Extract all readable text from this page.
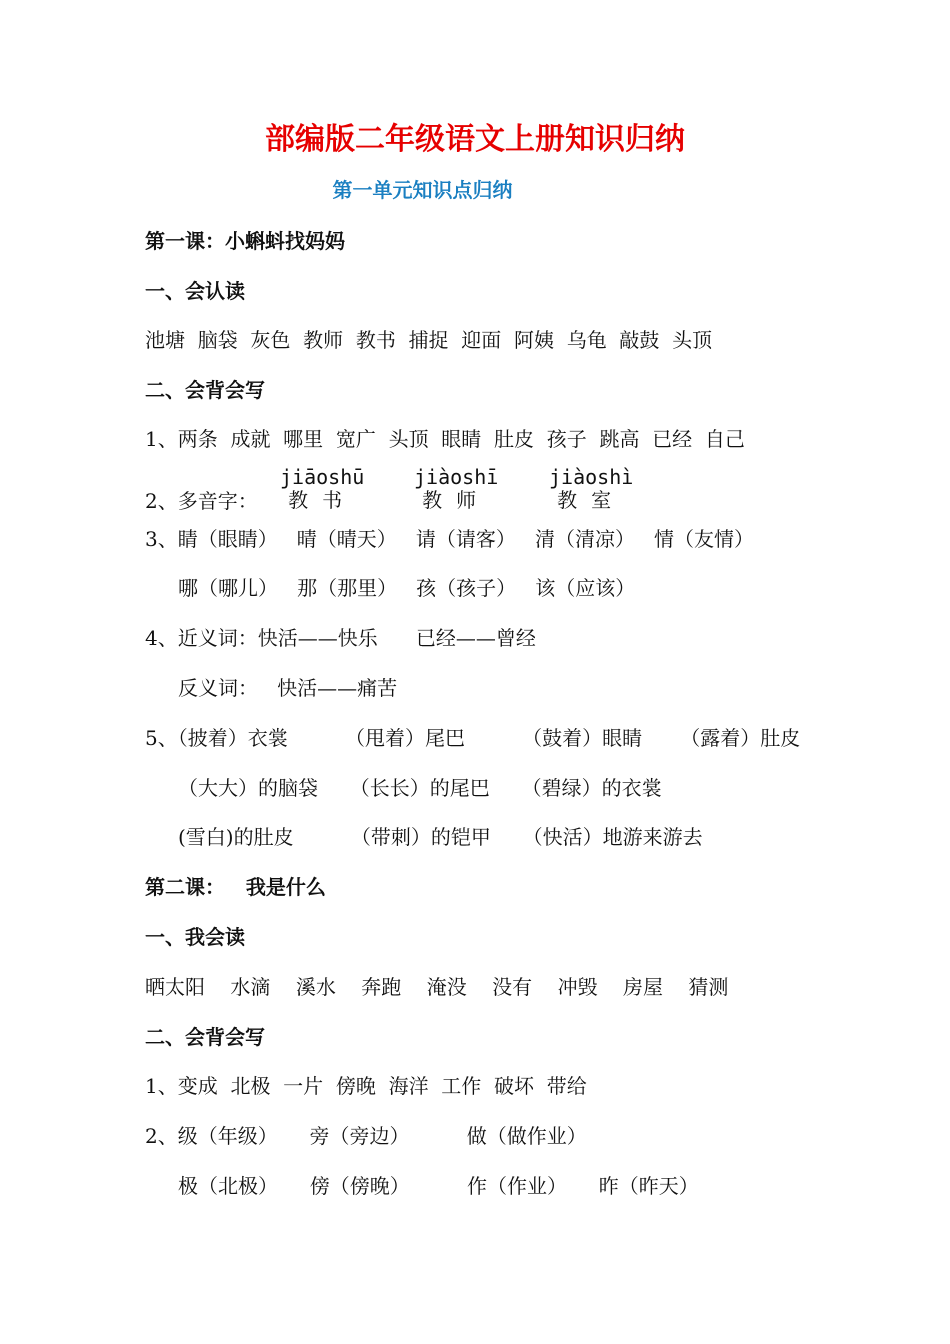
部编版二年级语文上册知识归纳
第一单元知识点归纳
第一课：小蝌蚪找妈妈
一、会认读
池塘  脑袋  灰色  教师  教书  捕捉  迎面  阿姨  乌龟  敲鼓  头顶
二、会背会写
1、两条  成就  哪里  宽广  头顶  眼睛  肚皮  孩子  跳高  已经  自己
2、多音字：
jiāoshū
教书
jiàoshī
教师
jiàoshì
教室
3、睛（眼睛）   晴（晴天）   请（请客）   清（清凉）   情（友情）
哪（哪儿）   那（那里）   孩（孩子）   该（应该）
4、近义词：快活——快乐      已经——曾经
反义词：   快活——痛苦
5、（披着）衣裳         （甩着）尾巴         （鼓着）眼睛      （露着）肚皮
（大大）的脑袋     （长长）的尾巴     （碧绿）的衣裳
(雪白)的肚皮         （带刺）的铠甲     （快活）地游来游去
第二课：   我是什么
一、我会读
晒太阳    水滴    溪水    奔跑    淹没    没有    冲毁    房屋    猜测
二、会背会写
1、变成  北极  一片  傍晚  海洋  工作  破坏  带给
2、级（年级）     旁（旁边）         做（做作业）
极（北极）     傍（傍晚）         作（作业）     昨（昨天）
